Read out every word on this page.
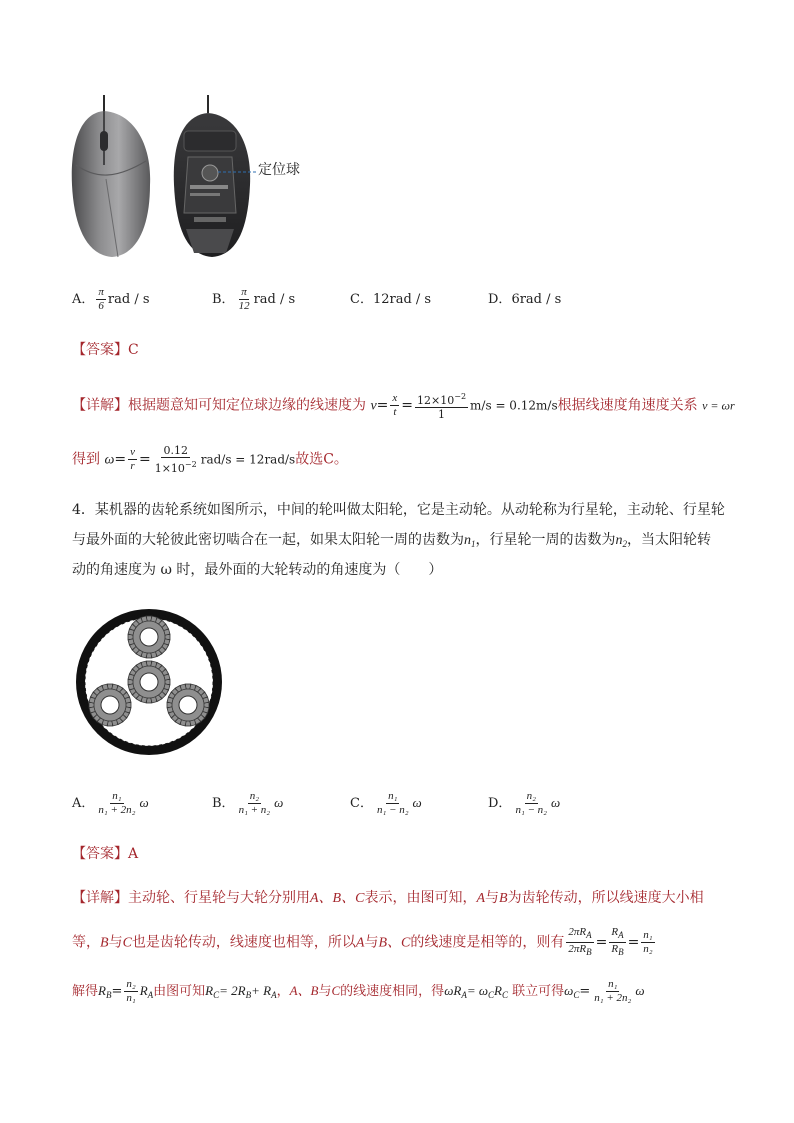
定位球
A． $\frac{\pi}{6}$ rad / s	B． $\frac{\pi}{12}$ rad / s	C．12rad / s	D．6rad / s
【答案】C
【详解】根据题意知可知定位球边缘的线速度为 $v= \frac{x}{t} = \frac{12\times 10^{-2}}{1} m/s = 0.12m/s$根据线速度角速度关系 v = ωr
得到 $\omega= \frac{v}{r} = \frac{0.12}{1\times 10^{-2}} rad/s = 12rad/s$故选C。
4．某机器的齿轮系统如图所示，中间的轮叫做太阳轮，它是主动轮。从动轮称为行星轮，主动轮、行星轮
与最外面的大轮彼此密切啮合在一起，如果太阳轮一周的齿数为$n_1$，行星轮一周的齿数为$n_2$，当太阳轮转
动的角速度为 ω 时，最外面的大轮转动的角速度为（　　）
A． $\frac{\text{n₁}}{\text{n₁ + 2n₂}}$ ω	B． $\frac{\text{n₂}}{\text{n₁ + n₂}}$ ω	C． $\frac{\text{n₁}}{\text{n₁ − n₂}}$ ω	D． $\frac{\text{n₂}}{\text{n₁ − n₂}}$ ω
【答案】A
【详解】主动轮、行星轮与大轮分别用A、B、C表示，由图可知，A与B为齿轮传动，所以线速度大小相
等，B与C也是齿轮传动，线速度也相等，所以A与B、C的线速度是相等的，则有 $\frac{2\pi R_A}{2\pi R_B} = \frac{R_A}{R_B} = \frac{\text{n₁}}{\text{n₂}}$
解得$R_B= \frac{\text{n₂}}{\text{n₁}} R_A$由图可知$R_C= 2R_B+ R_A$，A、B与C的线速度相同，得$\omega R_A= \omega_CR_C$ 联立可得$\omega_C= \frac{\text{n₁}}{\text{n₁ + 2n₂}}$ ω
